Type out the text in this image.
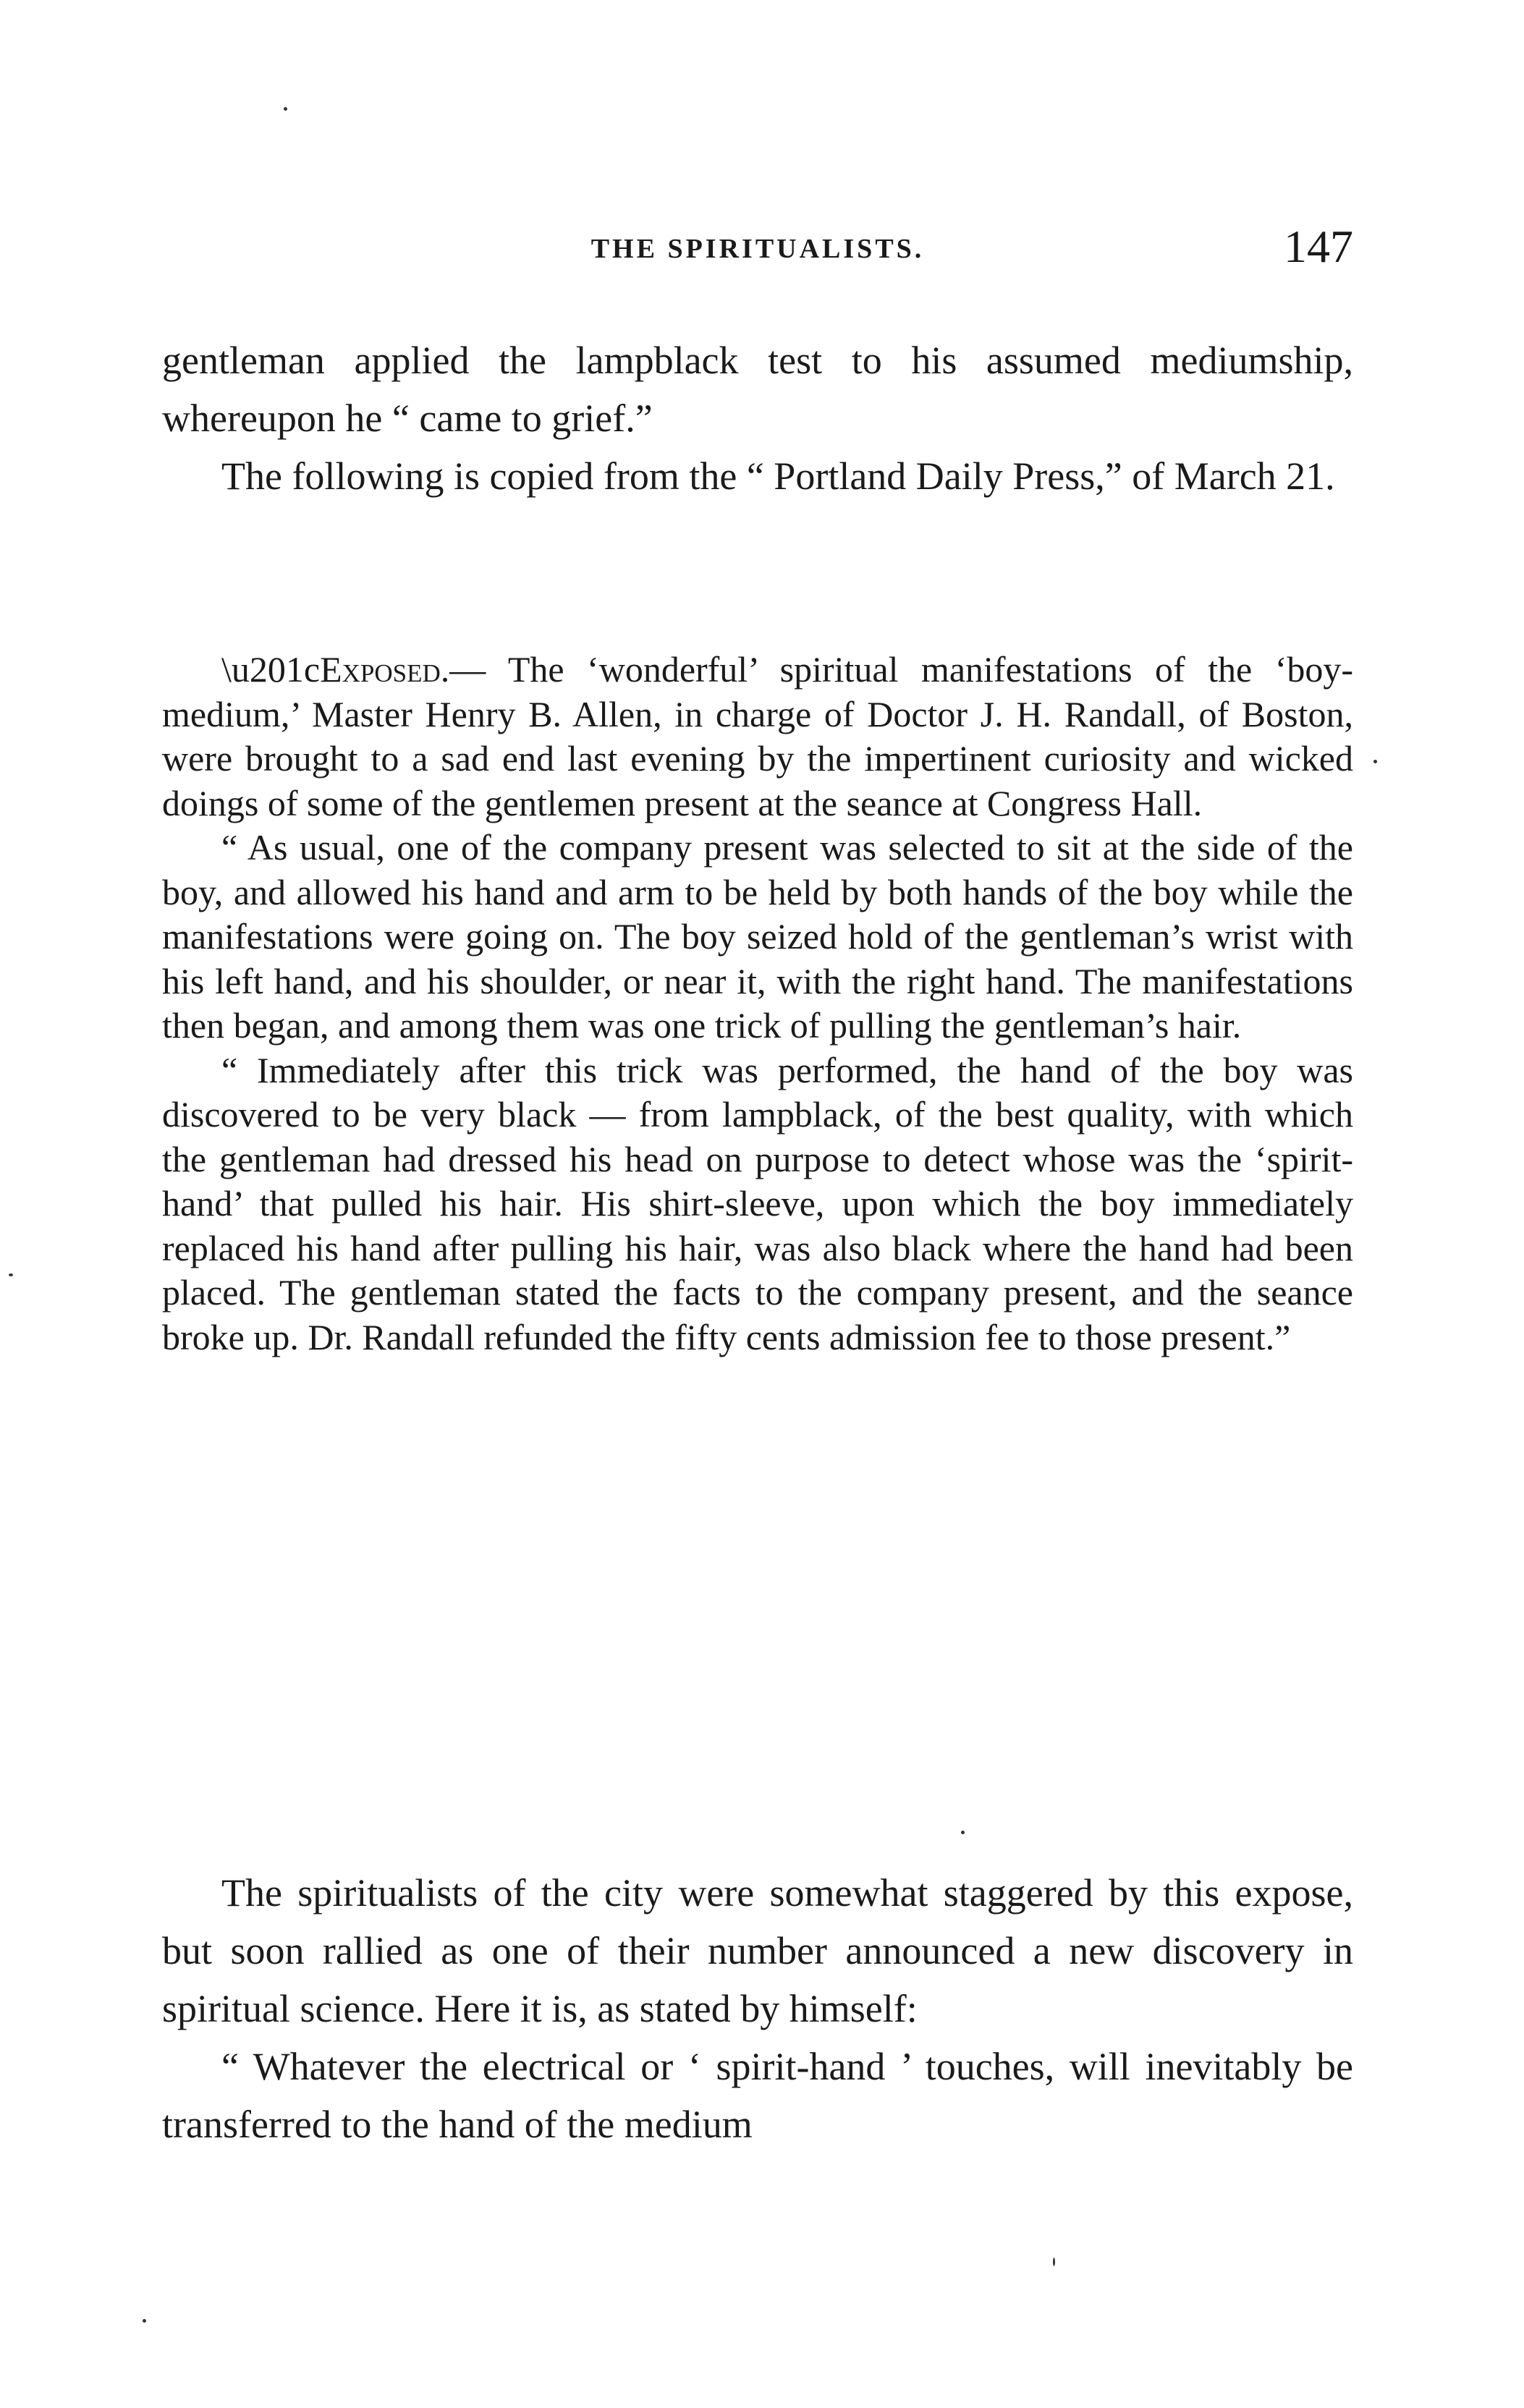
THE SPIRITUALISTS.	147

gentleman applied the lampblack test to his assumed mediumship, whereupon he “ came to grief.”

The following is copied from the “ Portland Daily Press,” of March 21.

\u201cExposed.— The ‘wonderful’ spiritual manifestations of the ‘boy-medium,’ Master Henry B. Allen, in charge of Doctor J. H. Randall, of Boston, were brought to a sad end last evening by the impertinent curiosity and wicked doings of some of the gentlemen present at the seance at Congress Hall.

“ As usual, one of the company present was selected to sit at the side of the boy, and allowed his hand and arm to be held by both hands of the boy while the manifestations were going on. The boy seized hold of the gentleman’s wrist with his left hand, and his shoulder, or near it, with the right hand. The manifestations then began, and among them was one trick of pulling the gentleman’s hair.

“ Immediately after this trick was performed, the hand of the boy was discovered to be very black — from lampblack, of the best quality, with which the gentleman had dressed his head on purpose to detect whose was the ‘spirit-hand’ that pulled his hair. His shirt-sleeve, upon which the boy immediately replaced his hand after pulling his hair, was also black where the hand had been placed. The gentleman stated the facts to the company present, and the seance broke up. Dr. Randall refunded the fifty cents admission fee to those present.”

The spiritualists of the city were somewhat staggered by this expose, but soon rallied as one of their number announced a new discovery in spiritual science. Here it is, as stated by himself:

“ Whatever the electrical or ‘ spirit-hand ’ touches, will inevitably be transferred to the hand of the medium
